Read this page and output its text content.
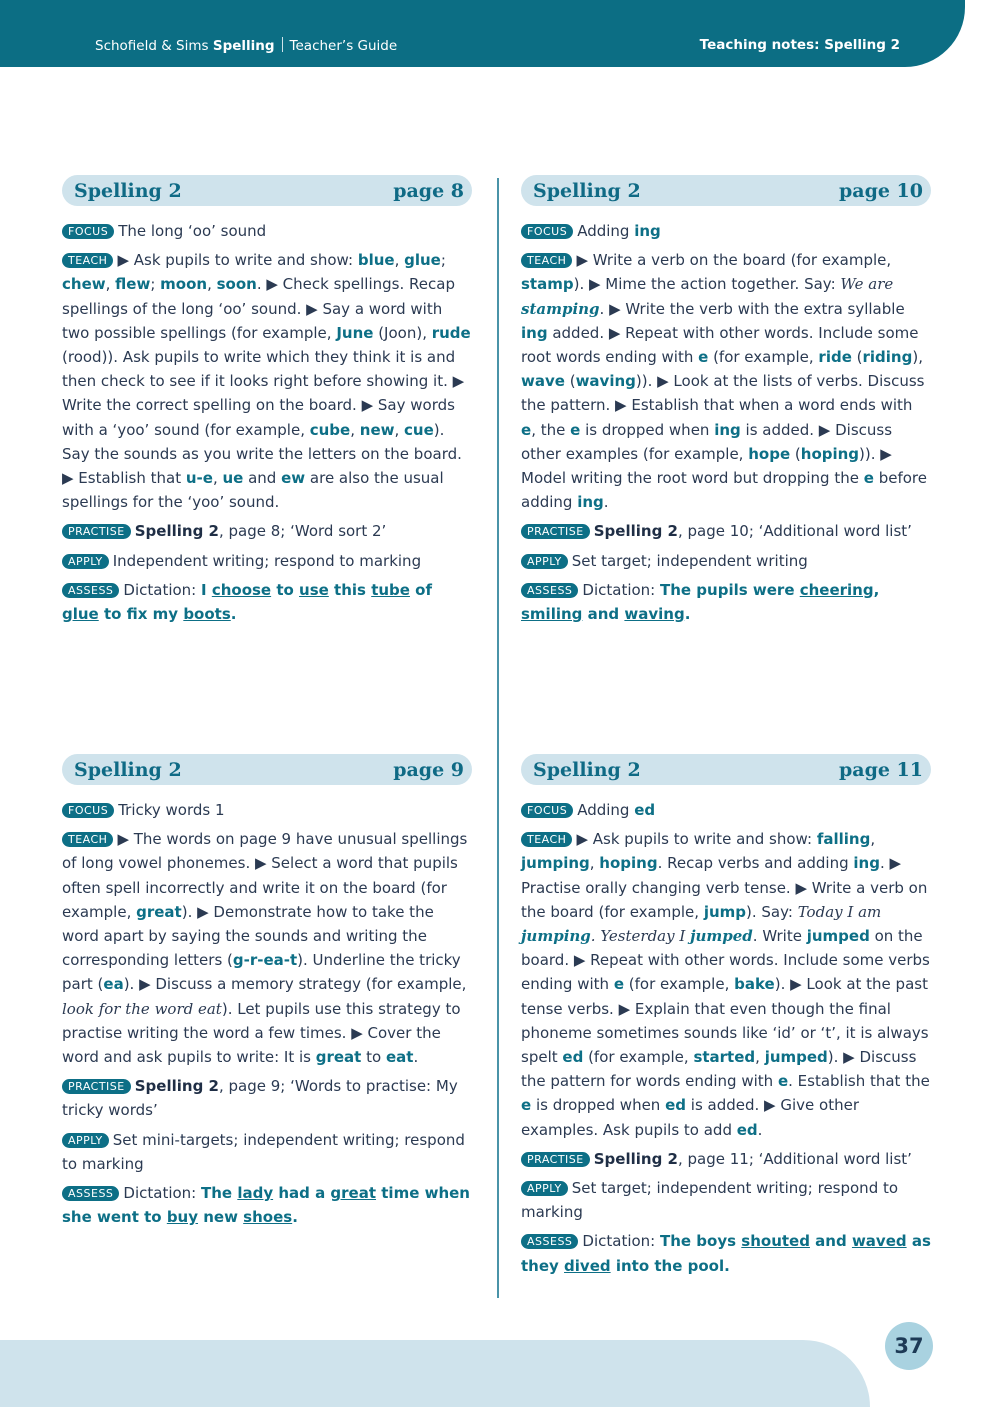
Schofield & Sims Spelling Teacher’s Guide	Teaching notes: Spelling 2
Spelling 2	page 8

FOCUS The long ‘oo’ sound

TEACH ▶ Ask pupils to write and show: blue, glue; chew, flew; moon, soon. ▶ Check spellings. Recap spellings of the long ‘oo’ sound. ▶ Say a word with two possible spellings (for example, June (Joon), rude (rood)). Ask pupils to write which they think it is and then check to see if it looks right before showing it. ▶ Write the correct spelling on the board. ▶ Say words with a ‘yoo’ sound (for example, cube, new, cue). Say the sounds as you write the letters on the board. ▶ Establish that u-e, ue and ew are also the usual spellings for the ‘yoo’ sound.

PRACTISE Spelling 2, page 8; ‘Word sort 2’

APPLY Independent writing; respond to marking

ASSESS Dictation: I choose to use this tube of glue to fix my boots.

Spelling 2	page 10

FOCUS Adding ing

TEACH ▶ Write a verb on the board (for example, stamp). ▶ Mime the action together. Say: We are stamping. ▶ Write the verb with the extra syllable ing added. ▶ Repeat with other words. Include some root words ending with e (for example, ride (riding), wave (waving)). ▶ Look at the lists of verbs. Discuss the pattern. ▶ Establish that when a word ends with e, the e is dropped when ing is added. ▶ Discuss other examples (for example, hope (hoping)). ▶ Model writing the root word but dropping the e before adding ing.

PRACTISE Spelling 2, page 10; ‘Additional word list’

APPLY Set target; independent writing

ASSESS Dictation: The pupils were cheering, smiling and waving.

Spelling 2	page 9

FOCUS Tricky words 1

TEACH ▶ The words on page 9 have unusual spellings of long vowel phonemes. ▶ Select a word that pupils often spell incorrectly and write it on the board (for example, great). ▶ Demonstrate how to take the word apart by saying the sounds and writing the corresponding letters (g-r-ea-t). Underline the tricky part (ea). ▶ Discuss a memory strategy (for example, look for the word eat). Let pupils use this strategy to practise writing the word a few times. ▶ Cover the word and ask pupils to write: It is great to eat.

PRACTISE Spelling 2, page 9; ‘Words to practise: My tricky words’

APPLY Set mini-targets; independent writing; respond to marking

ASSESS Dictation: The lady had a great time when she went to buy new shoes.

Spelling 2	page 11

FOCUS Adding ed

TEACH ▶ Ask pupils to write and show: falling, jumping, hoping. Recap verbs and adding ing. ▶ Practise orally changing verb tense. ▶ Write a verb on the board (for example, jump). Say: Today I am jumping. Yesterday I jumped. Write jumped on the board. ▶ Repeat with other words. Include some verbs ending with e (for example, bake). ▶ Look at the past tense verbs. ▶ Explain that even though the final phoneme sometimes sounds like ‘id’ or ‘t’, it is always spelt ed (for example, started, jumped). ▶ Discuss the pattern for words ending with e. Establish that the e is dropped when ed is added. ▶ Give other examples. Ask pupils to add ed.

PRACTISE Spelling 2, page 11; ‘Additional word list’

APPLY Set target; independent writing; respond to marking

ASSESS Dictation: The boys shouted and waved as they dived into the pool.

37
